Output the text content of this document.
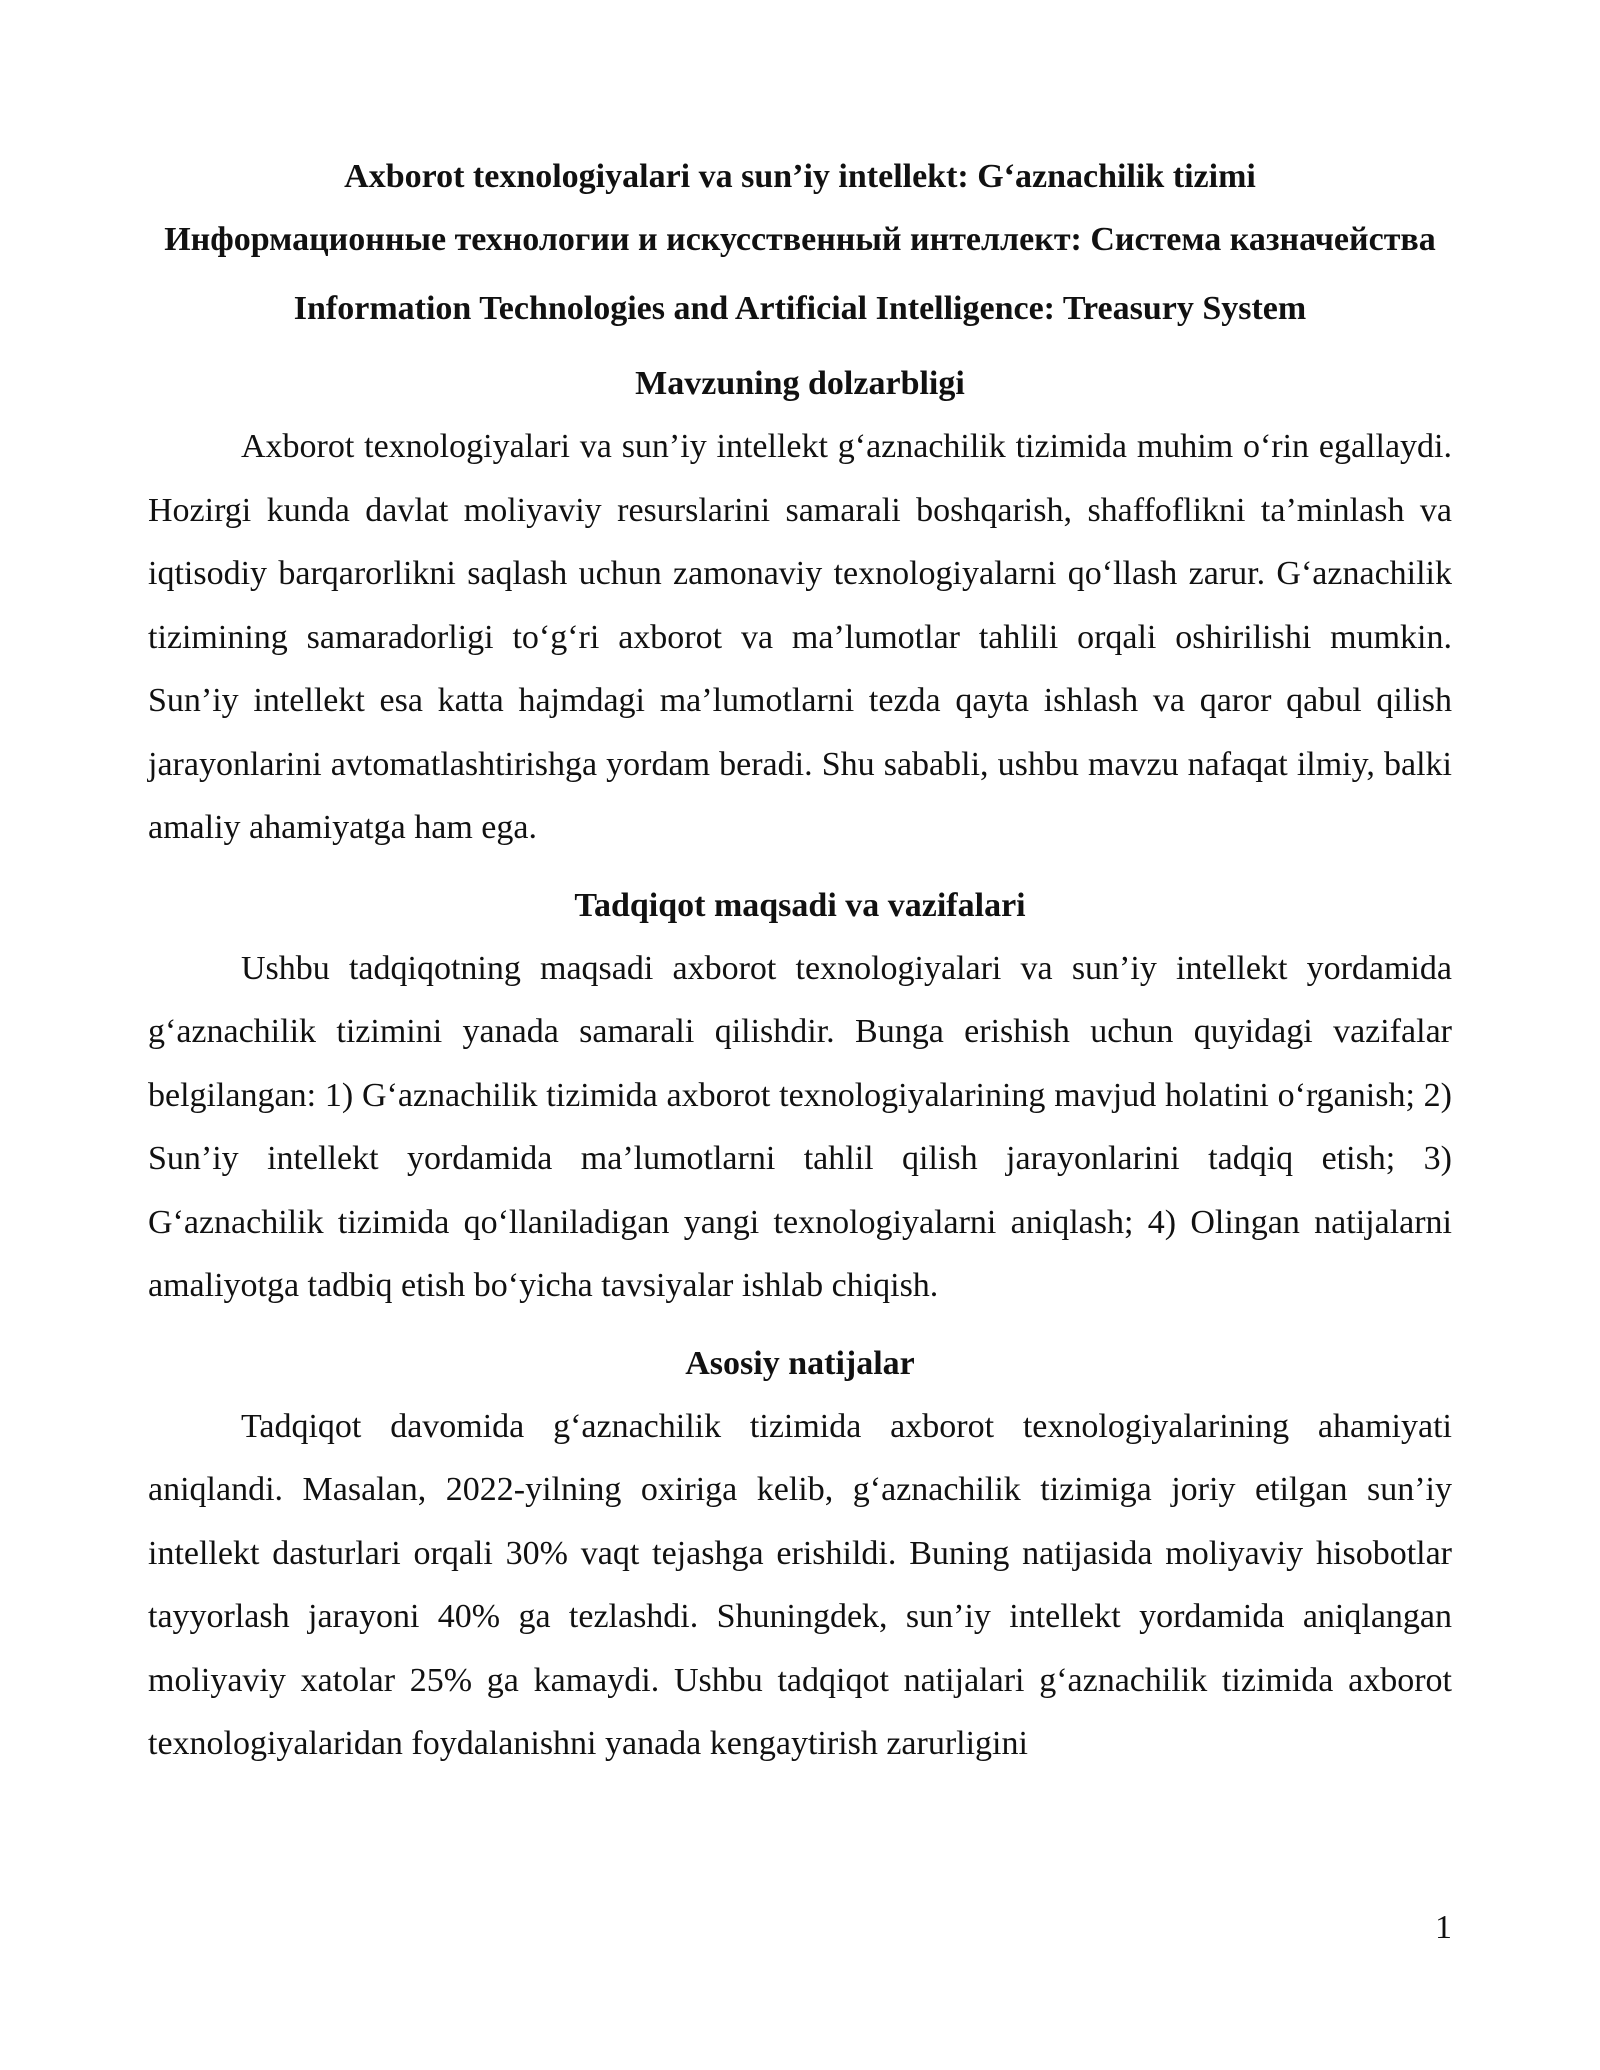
Axborot texnologiyalari va sun’iy intellekt: G‘aznachilik tizimi

Информационные технологии и искусственный интеллект: Система казначейства

Information Technologies and Artificial Intelligence: Treasury System

Mavzuning dolzarbligi

Axborot texnologiyalari va sun’iy intellekt g‘aznachilik tizimida muhim o‘rin egallaydi. Hozirgi kunda davlat moliyaviy resurslarini samarali boshqarish, shaffoflikni ta’minlash va iqtisodiy barqarorlikni saqlash uchun zamonaviy texnologiyalarni qo‘llash zarur. G‘aznachilik tizimining samaradorligi to‘g‘ri axborot va ma’lumotlar tahlili orqali oshirilishi mumkin. Sun’iy intellekt esa katta hajmdagi ma’lumotlarni tezda qayta ishlash va qaror qabul qilish jarayonlarini avtomatlashtirishga yordam beradi. Shu sababli, ushbu mavzu nafaqat ilmiy, balki amaliy ahamiyatga ham ega.

Tadqiqot maqsadi va vazifalari

Ushbu tadqiqotning maqsadi axborot texnologiyalari va sun’iy intellekt yordamida g‘aznachilik tizimini yanada samarali qilishdir. Bunga erishish uchun quyidagi vazifalar belgilangan: 1) G‘aznachilik tizimida axborot texnologiyalarining mavjud holatini o‘rganish; 2) Sun’iy intellekt yordamida ma’lumotlarni tahlil qilish jarayonlarini tadqiq etish; 3) G‘aznachilik tizimida qo‘llaniladigan yangi texnologiyalarni aniqlash; 4) Olingan natijalarni amaliyotga tadbiq etish bo‘yicha tavsiyalar ishlab chiqish.

Asosiy natijalar

Tadqiqot davomida g‘aznachilik tizimida axborot texnologiyalarining ahamiyati aniqlandi. Masalan, 2022-yilning oxiriga kelib, g‘aznachilik tizimiga joriy etilgan sun’iy intellekt dasturlari orqali 30% vaqt tejashga erishildi. Buning natijasida moliyaviy hisobotlar tayyorlash jarayoni 40% ga tezlashdi. Shuningdek, sun’iy intellekt yordamida aniqlangan moliyaviy xatolar 25% ga kamaydi. Ushbu tadqiqot natijalari g‘aznachilik tizimida axborot texnologiyalaridan foydalanishni yanada kengaytirish zarurligini

1
